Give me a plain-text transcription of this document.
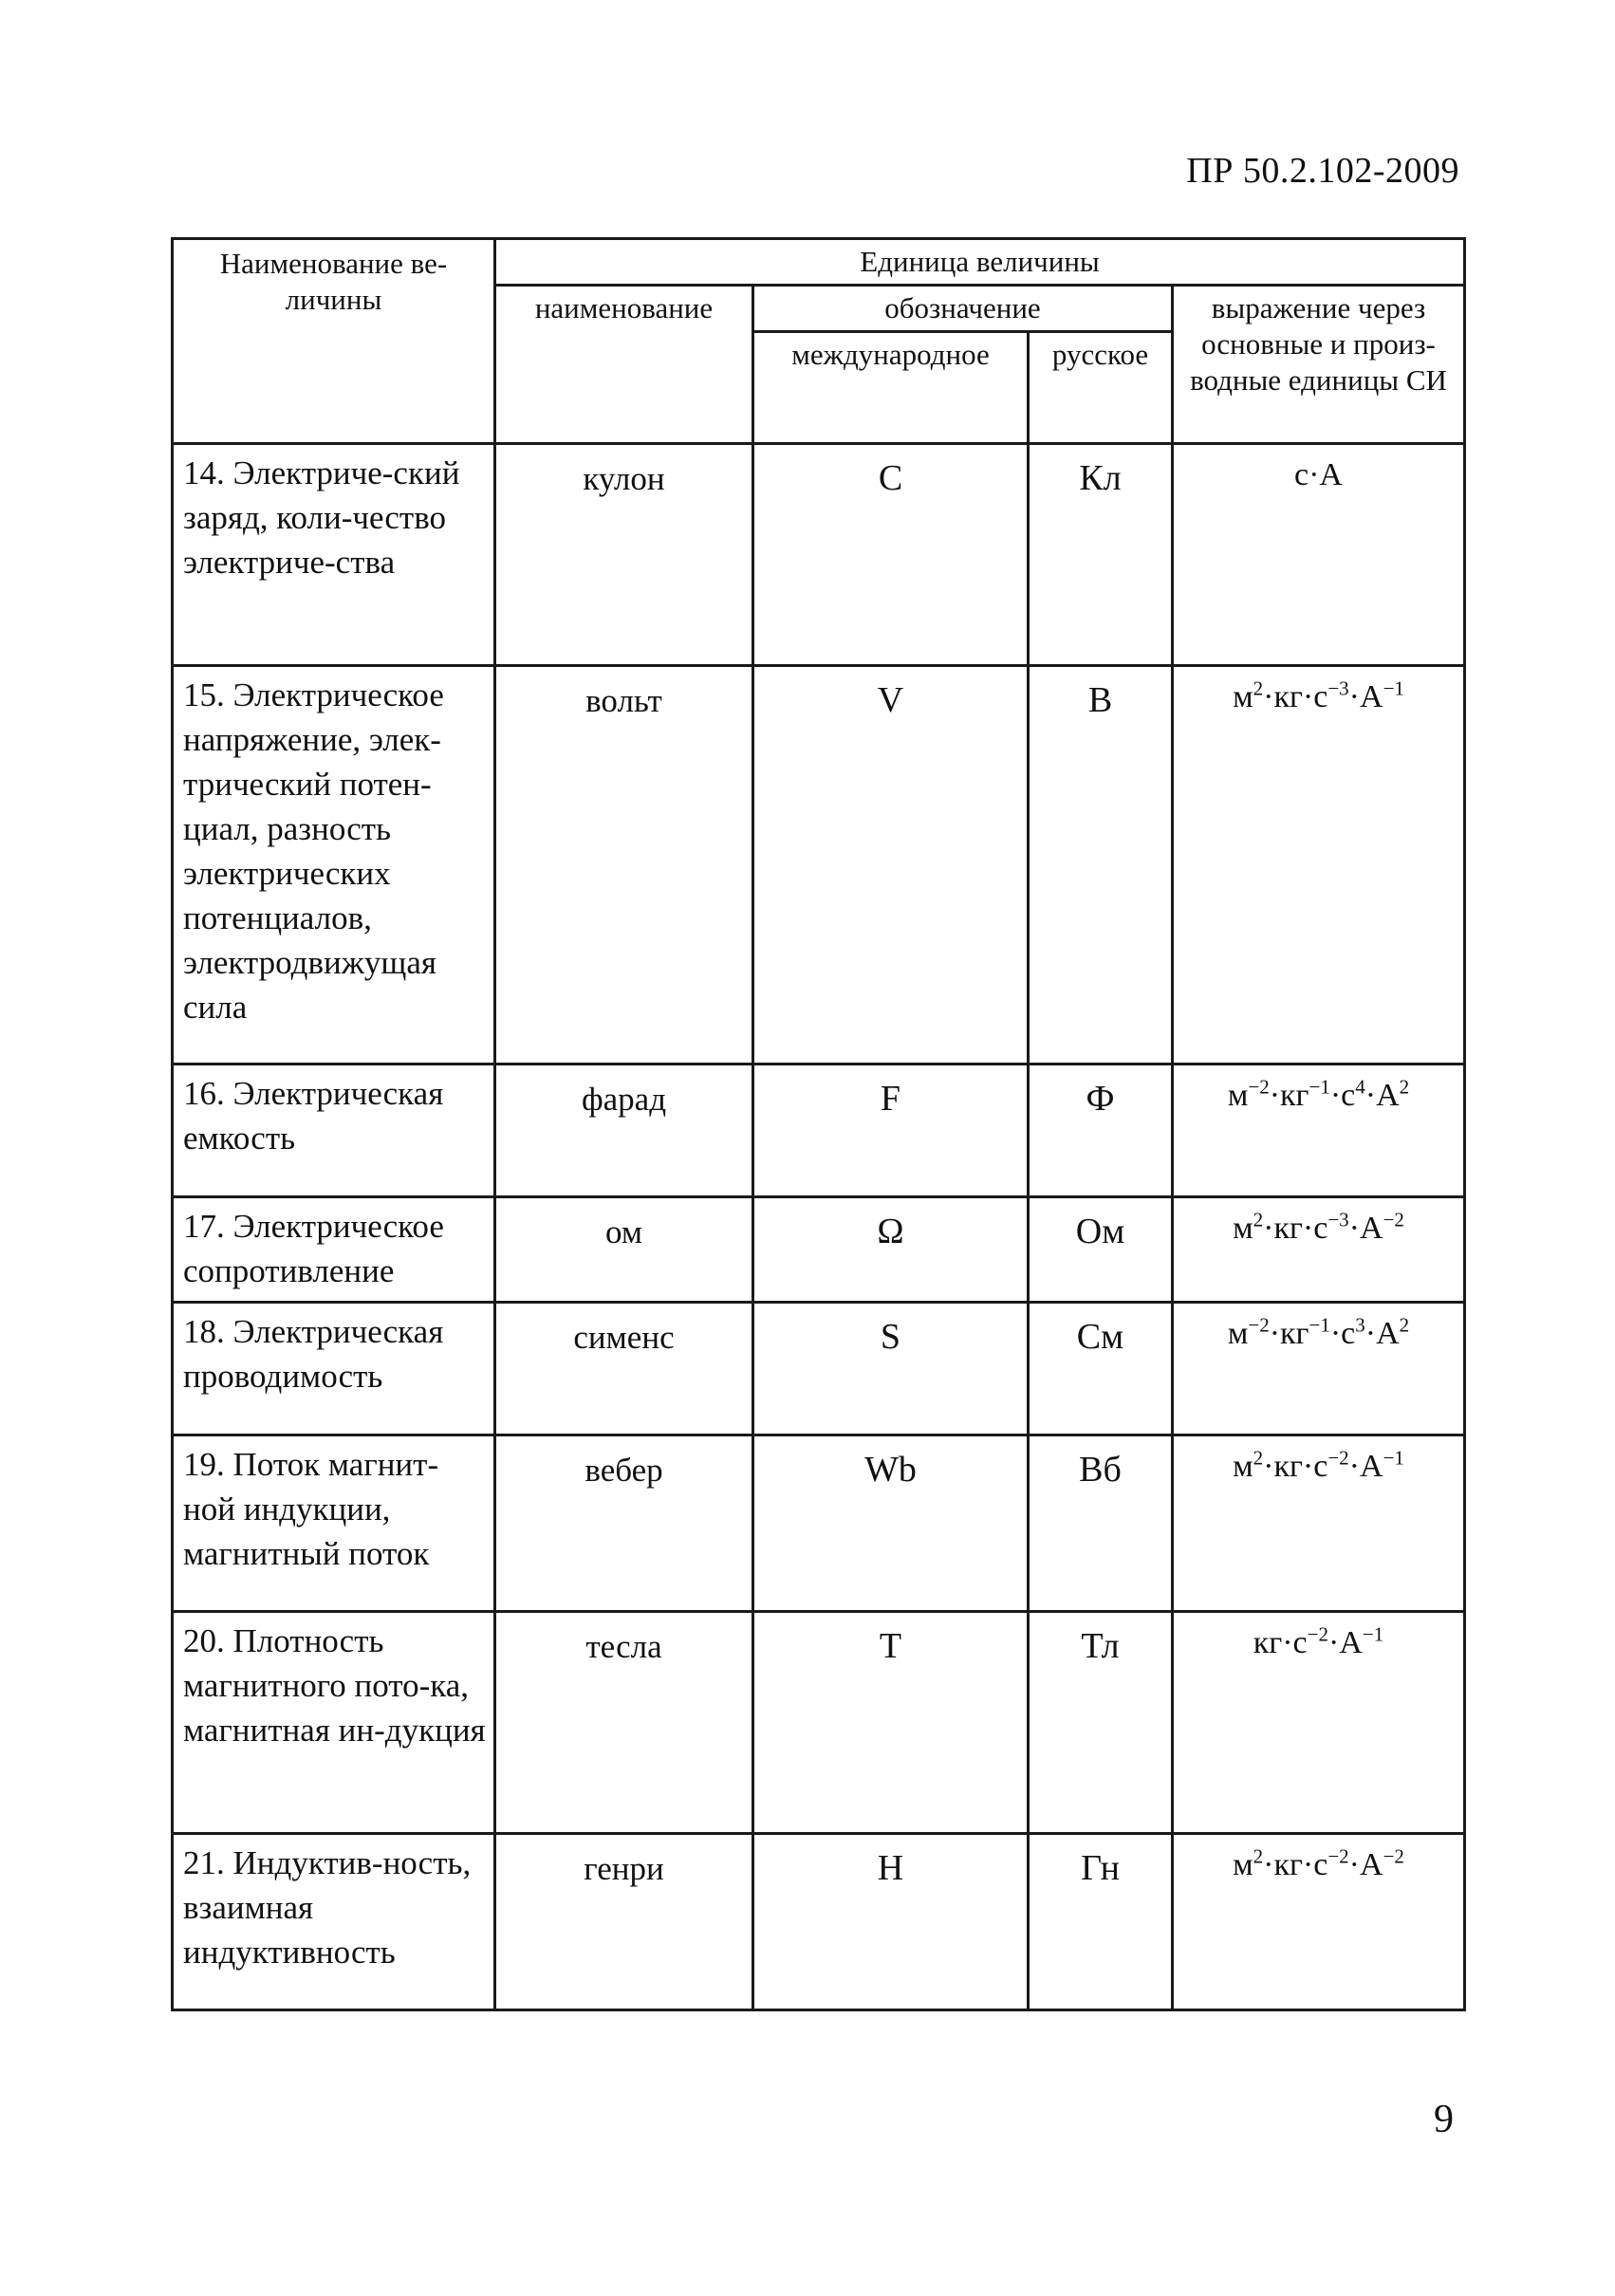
ПР 50.2.102-2009
Наименование ве-личины	Единица величины			
	наименование	обозначение		выражение через основные и произ-водные единицы СИ
		международное	русское	
14. Электриче-ский заряд, коли-чество электриче-ства	кулон	C	Кл	с·А
15. Электрическое напряжение, элек-трический потен-циал, разность электрических потенциалов, электродвижущая сила	вольт	V	В	$м^2\cdot кг\cdot с^{-3}\cdot А^{-1}$
16. Электрическая емкость	фарад	F	Ф	$м^{-2}\cdot кг^{-1}\cdot с^4\cdot А^2$
17. Электрическое сопротивление	ом	Ω	Ом	$м^2\cdot кг\cdot с^{-3}\cdot А^{-2}$
18. Электрическая проводимость	сименс	S	См	$м^{-2}\cdot кг^{-1}\cdot с^3\cdot А^2$
19. Поток магнит-ной индукции, магнитный поток	вебер	Wb	Вб	$м^2\cdot кг\cdot с^{-2}\cdot А^{-1}$
20. Плотность магнитного пото-ка, магнитная ин-дукция	тесла	T	Тл	$кг\cdot с^{-2}\cdot А^{-1}$
21. Индуктив-ность, взаимная индуктивность	генри	H	Гн	$м^2\cdot кг\cdot с^{-2}\cdot А^{-2}$
9
